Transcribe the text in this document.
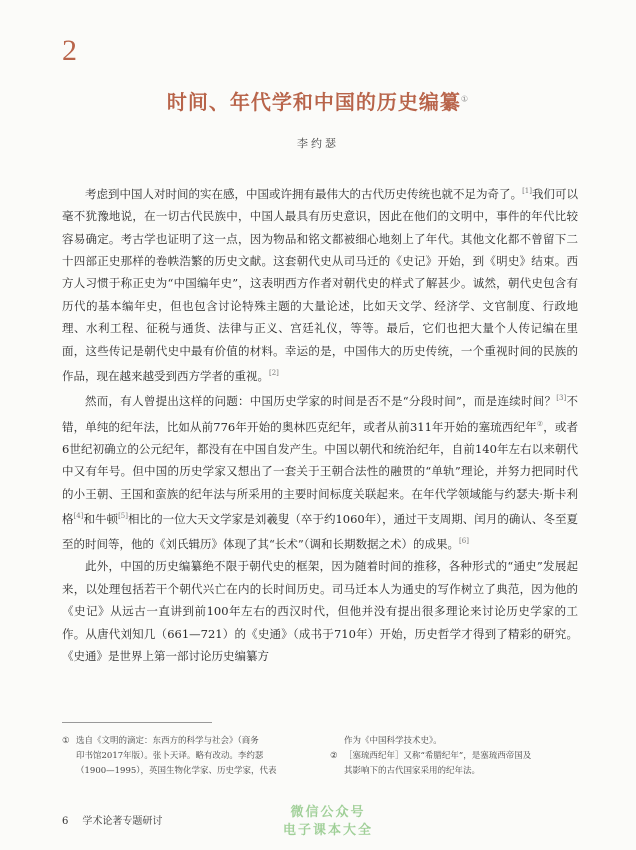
2
时间、年代学和中国的历史编纂①
李约瑟

考虑到中国人对时间的实在感，中国或许拥有最伟大的古代历史传统也就不足为奇了。[1]我们可以毫不犹豫地说，在一切古代民族中，中国人最具有历史意识，因此在他们的文明中，事件的年代比较容易确定。考古学也证明了这一点，因为物品和铭文都被细心地刻上了年代。其他文化都不曾留下二十四部正史那样的卷帙浩繁的历史文献。这套朝代史从司马迁的《史记》开始，到《明史》结束。西方人习惯于称正史为“中国编年史”，这表明西方作者对朝代史的样式了解甚少。诚然，朝代史包含有历代的基本编年史，但也包含讨论特殊主题的大量论述，比如天文学、经济学、文官制度、行政地理、水利工程、征税与通货、法律与正义、宫廷礼仪，等等。最后，它们也把大量个人传记编在里面，这些传记是朝代史中最有价值的材料。幸运的是，中国伟大的历史传统，一个重视时间的民族的作品，现在越来越受到西方学者的重视。[2]

然而，有人曾提出这样的问题：中国历史学家的时间是否不是“分段时间”，而是连续时间？[3]不错，单纯的纪年法，比如从前776年开始的奥林匹克纪年，或者从前311年开始的塞琉西纪年②，或者6世纪初确立的公元纪年，都没有在中国自发产生。中国以朝代和统治纪年，自前140年左右以来朝代中又有年号。但中国的历史学家又想出了一套关于王朝合法性的融贯的“单轨”理论，并努力把同时代的小王朝、王国和蛮族的纪年法与所采用的主要时间标度关联起来。在年代学领域能与约瑟夫·斯卡利格[4]和牛顿[5]相比的一位大天文学家是刘羲叟（卒于约1060年），通过干支周期、闰月的确认、冬至夏至的时间等，他的《刘氏辑历》体现了其“长术”（调和长期数据之术）的成果。[6]

此外，中国的历史编纂绝不限于朝代史的框架，因为随着时间的推移，各种形式的“通史”发展起来，以处理包括若干个朝代兴亡在内的长时间历史。司马迁本人为通史的写作树立了典范，因为他的《史记》从远古一直讲到前100年左右的西汉时代，但他并没有提出很多理论来讨论历史学家的工作。从唐代刘知几（661—721）的《史通》（成书于710年）开始，历史哲学才得到了精彩的研究。《史通》是世界上第一部讨论历史编纂方

① 选自《文明的滴定：东西方的科学与社会》（商务
印书馆2017年版）。张卜天译。略有改动。李约瑟
（1900—1995），英国生物化学家、历史学家，代表
作为《中国科学技术史》。
② ［塞琉西纪年］又称“希腊纪年”，是塞琉西帝国及
其影响下的古代国家采用的纪年法。
6 学术论著专题研讨
微信公众号
电子课本大全
